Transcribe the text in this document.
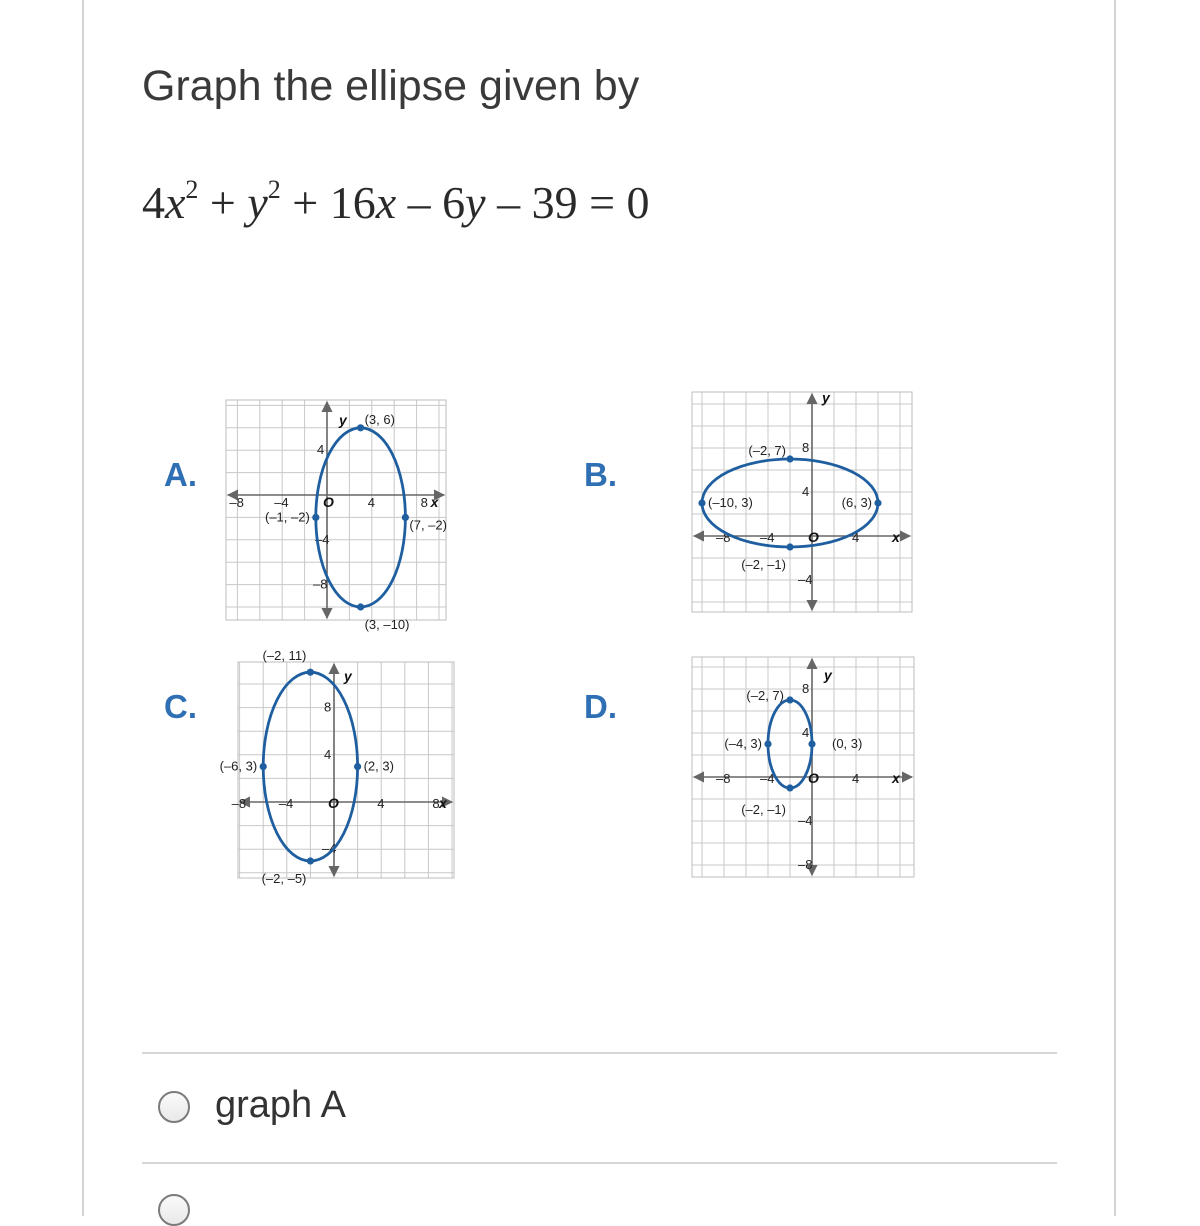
Graph the ellipse given by
$4x^2 + y^2 + 16x - 6y - 39 = 0$
A.	B.
C.	D.
–8 –4	4	8
4
–4
–8
O	x
y (3, 6)
(3, –10)
(–1, –2)
(7, –2)
–8 –4	4
8
4
–4
O	x
y
(–2, 7)
(–2, –1)
(–10, 3)	(6, 3)
–8	–4	4	8
8
4
–4
O	x
y
(–2, 11)
(–2, –5)
(–6, 3)	(2, 3)
–8 –4	4
8
4
–4
–8
O	x
y
(–2, 7)
(–2, –1)
(–4, 3)	(0, 3)
graph A
